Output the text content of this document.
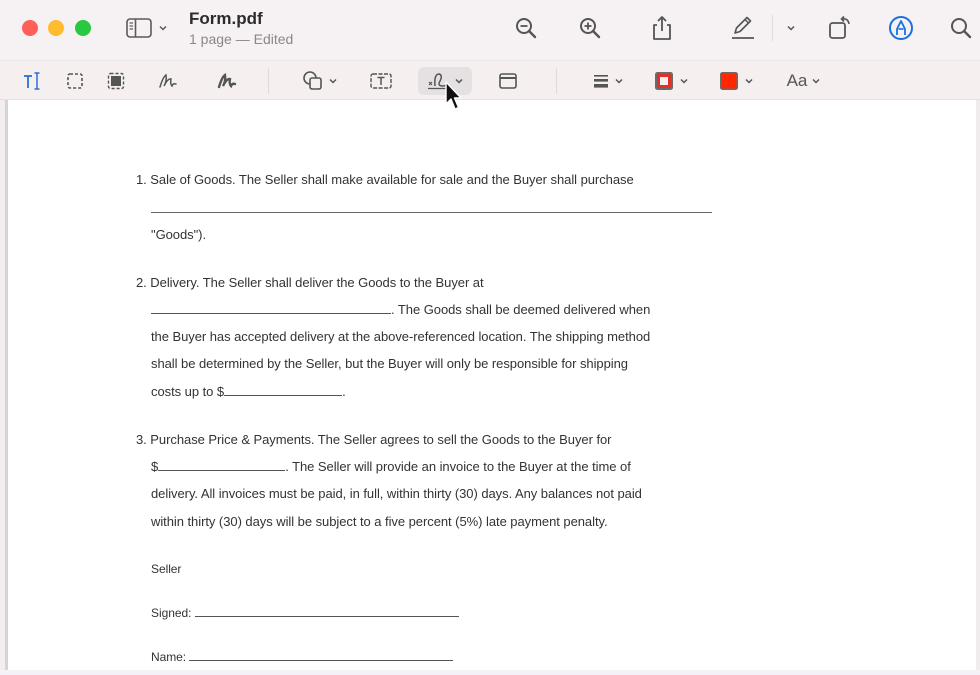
Form.pdf
1 page — Edited
Aa
1. Sale of Goods. The Seller shall make available for sale and the Buyer shall purchase
"Goods").
2. Delivery. The Seller shall deliver the Goods to the Buyer at
. The Goods shall be deemed delivered when
the Buyer has accepted delivery at the above-referenced location. The shipping method
shall be determined by the Seller, but the Buyer will only be responsible for shipping
costs up to $	.
3. Purchase Price & Payments. The Seller agrees to sell the Goods to the Buyer for
$	. The Seller will provide an invoice to the Buyer at the time of
delivery. All invoices must be paid, in full, within thirty (30) days. Any balances not paid
within thirty (30) days will be subject to a five percent (5%) late payment penalty.
Seller
Signed:
Name:
